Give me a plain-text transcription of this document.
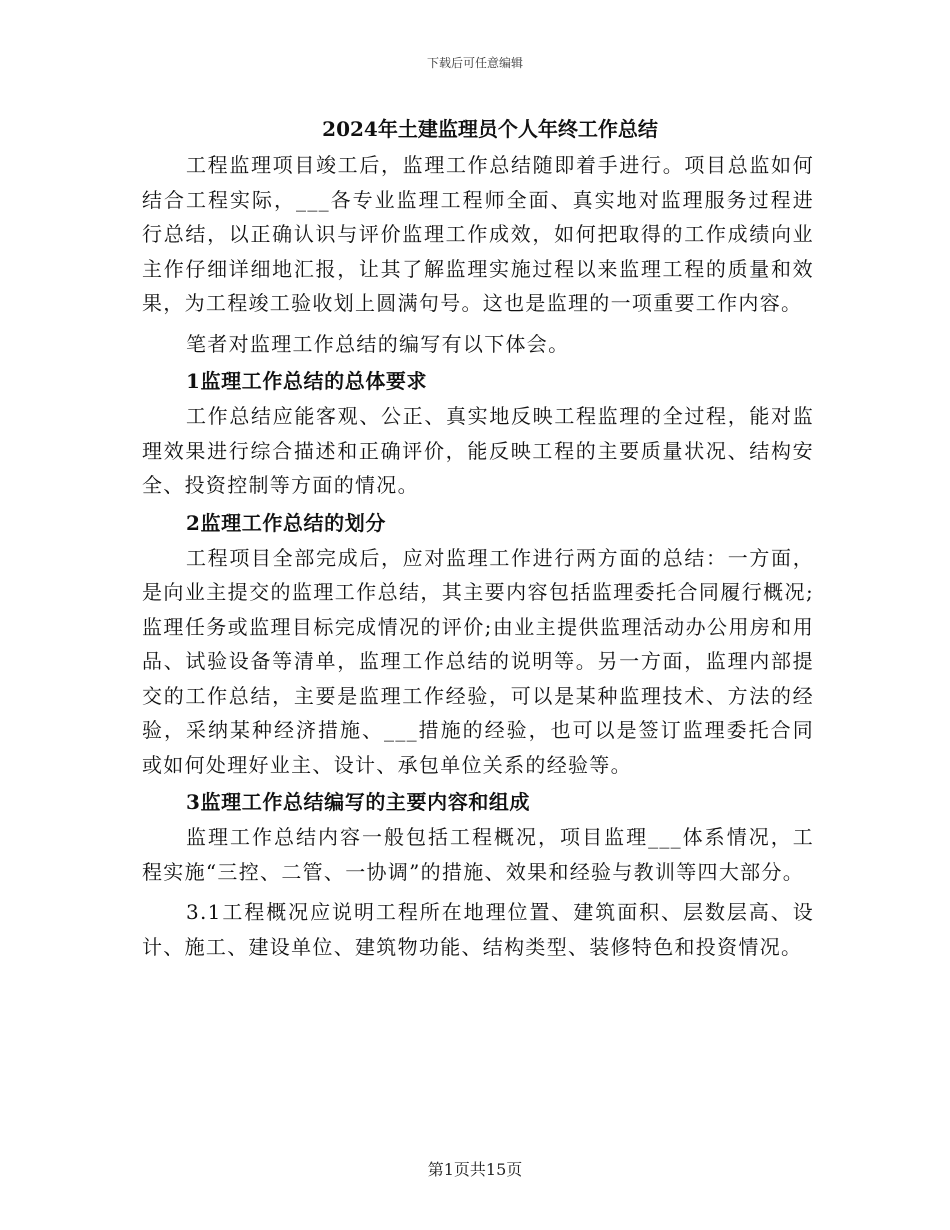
下载后可任意编辑
2024年土建监理员个人年终工作总结

工程监理项目竣工后，监理工作总结随即着手进行。项目总监如何结合工程实际，___各专业监理工程师全面、真实地对监理服务过程进行总结，以正确认识与评价监理工作成效，如何把取得的工作成绩向业主作仔细详细地汇报，让其了解监理实施过程以来监理工程的质量和效果，为工程竣工验收划上圆满句号。这也是监理的一项重要工作内容。

笔者对监理工作总结的编写有以下体会。

1监理工作总结的总体要求

工作总结应能客观、公正、真实地反映工程监理的全过程，能对监理效果进行综合描述和正确评价，能反映工程的主要质量状况、结构安全、投资控制等方面的情况。

2监理工作总结的划分

工程项目全部完成后，应对监理工作进行两方面的总结：一方面，是向业主提交的监理工作总结，其主要内容包括监理委托合同履行概况;监理任务或监理目标完成情况的评价;由业主提供监理活动办公用房和用品、试验设备等清单，监理工作总结的说明等。另一方面，监理内部提交的工作总结，主要是监理工作经验，可以是某种监理技术、方法的经验，采纳某种经济措施、___措施的经验，也可以是签订监理委托合同或如何处理好业主、设计、承包单位关系的经验等。

3监理工作总结编写的主要内容和组成

监理工作总结内容一般包括工程概况，项目监理___体系情况，工程实施“三控、二管、一协调”的措施、效果和经验与教训等四大部分。

3.1工程概况应说明工程所在地理位置、建筑面积、层数层高、设计、施工、建设单位、建筑物功能、结构类型、装修特色和投资情况。

第1页共15页
